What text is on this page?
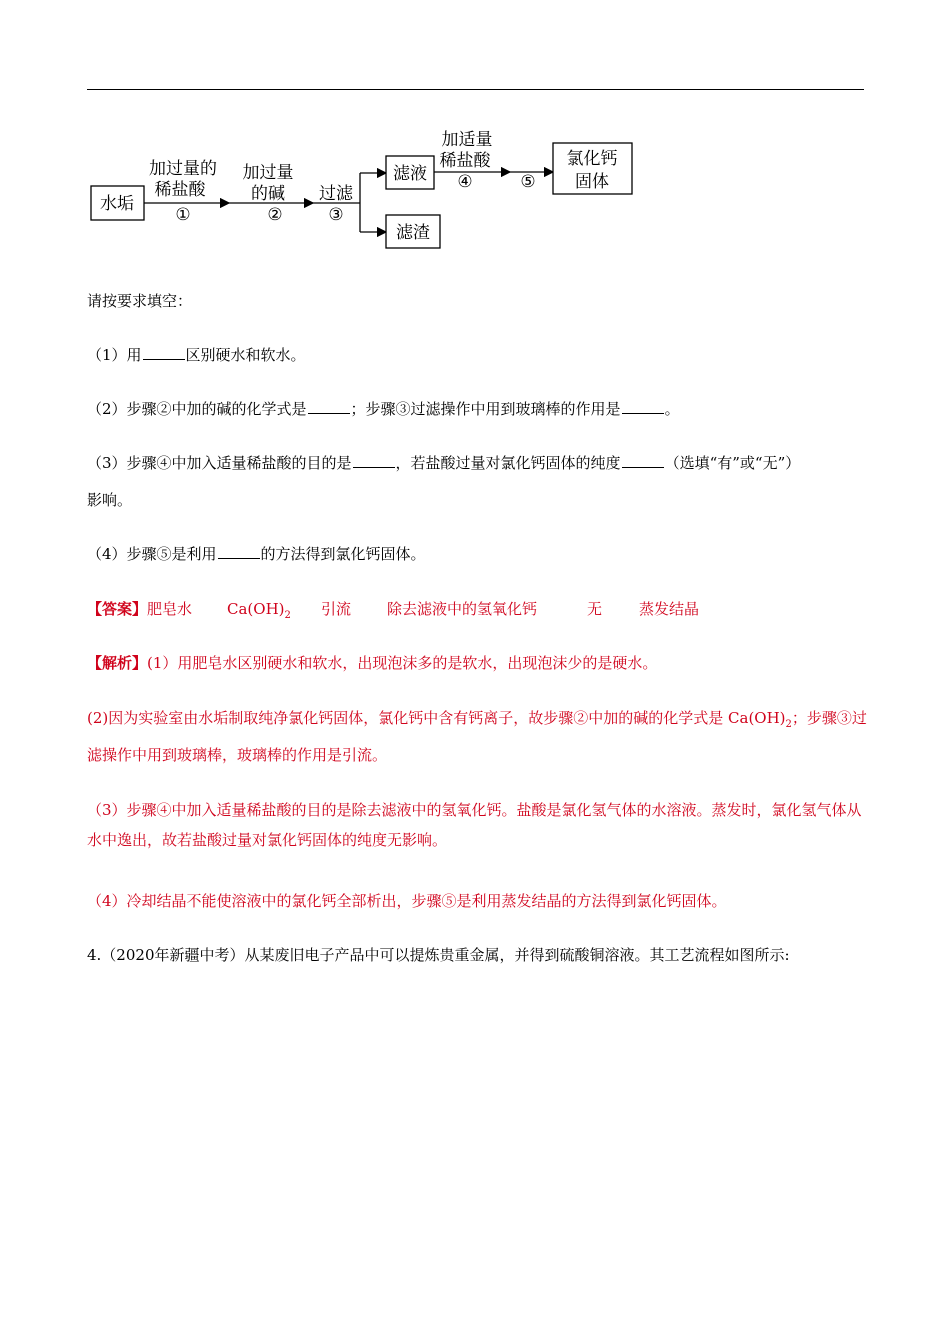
水垢
加过量的
稀盐酸
①
加过量
的碱
②
过滤
③
滤液
滤渣
加适量
稀盐酸
④	⑤
氯化钙
固体
请按要求填空：
（1）用	区别硬水和软水。
（2）步骤②中加的碱的化学式是	；步骤③过滤操作中用到玻璃棒的作用是	。
（3）步骤④中加入适量稀盐酸的目的是	，若盐酸过量对氯化钙固体的纯度	（选填“有”或“无”）
影响。
（4）步骤⑤是利用	的方法得到氯化钙固体。
【答案】肥皂水 $Ca(OH)_2$ 引流 除去滤液中的氢氧化钙	无 蒸发结晶
【解析】(1）用肥皂水区别硬水和软水，出现泡沫多的是软水，出现泡沫少的是硬水。
(2)因为实验室由水垢制取纯净氯化钙固体，氯化钙中含有钙离子，故步骤②中加的碱的化学式是 $Ca(OH)_2$；步骤③过滤操作中用到玻璃棒，玻璃棒的作用是引流。
（3）步骤④中加入适量稀盐酸的目的是除去滤液中的氢氧化钙。盐酸是氯化氢气体的水溶液。蒸发时，氯化氢气体从水中逸出，故若盐酸过量对氯化钙固体的纯度无影响。
（4）冷却结晶不能使溶液中的氯化钙全部析出，步骤⑤是利用蒸发结晶的方法得到氯化钙固体。
4.（2020年新疆中考）从某废旧电子产品中可以提炼贵重金属，并得到硫酸铜溶液。其工艺流程如图所示:
